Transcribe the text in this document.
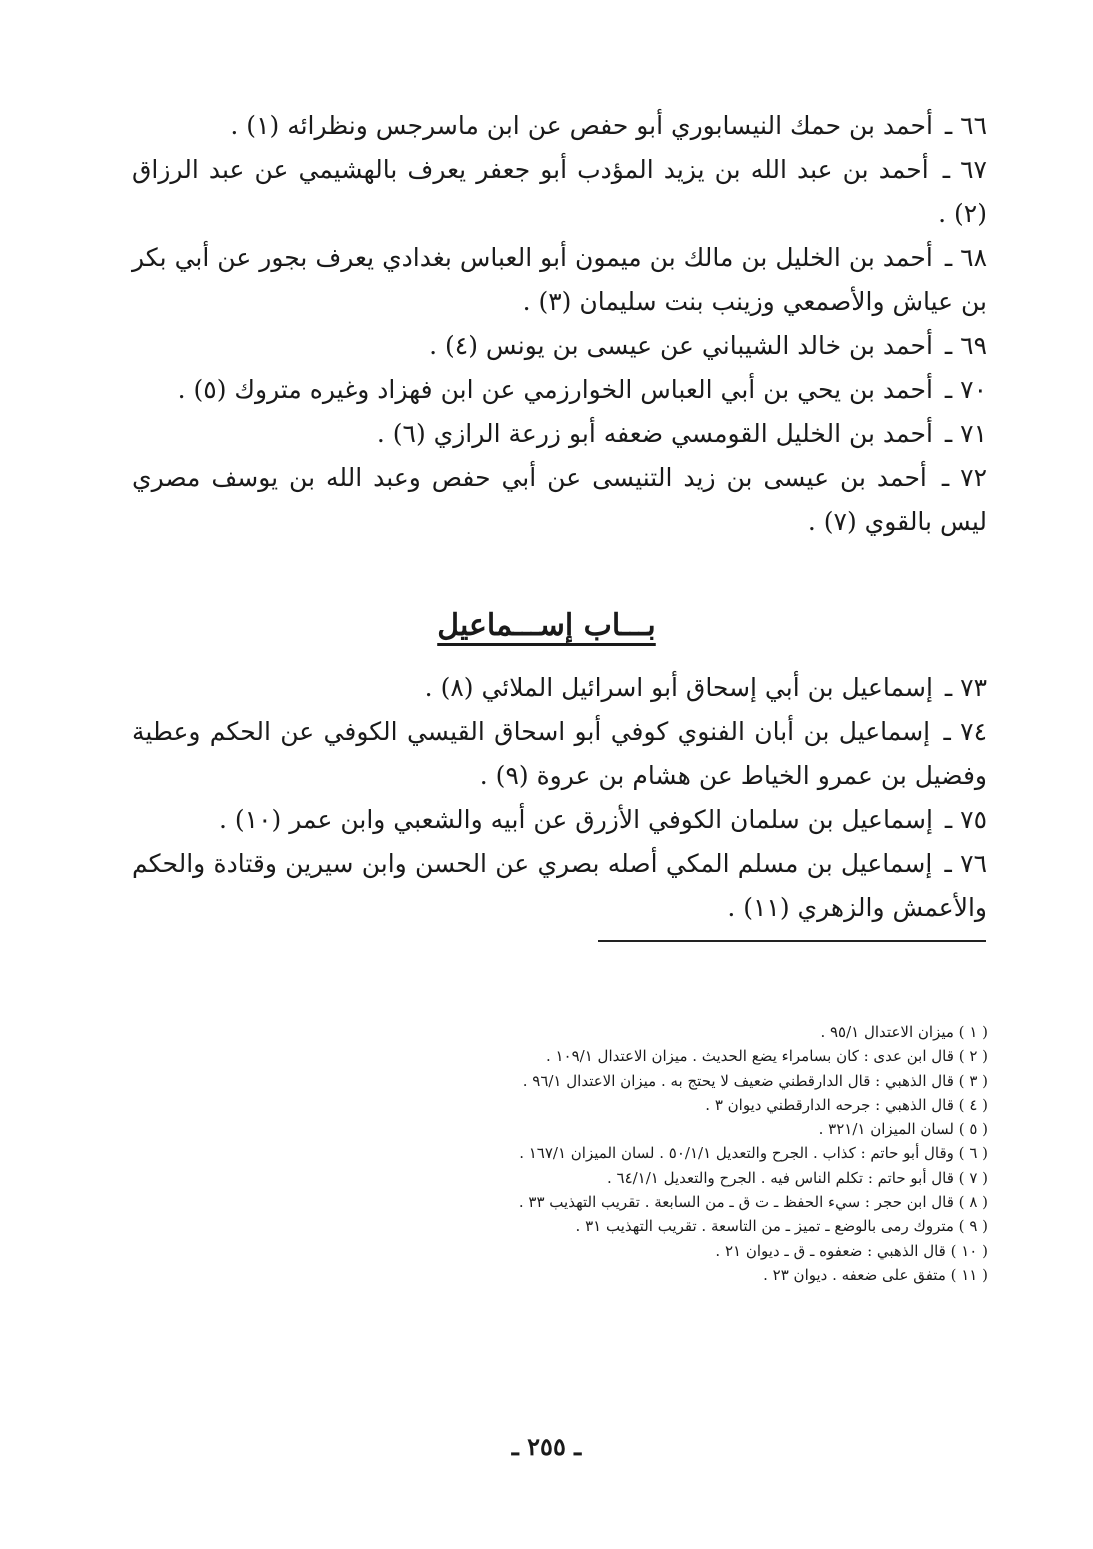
٦٦ ـ أحمد بن حمك النيسابوري أبو حفص عن ابن ماسرجس ونظرائه (١) .

٦٧ ـ أحمد بن عبد الله بن يزيد المؤدب أبو جعفر يعرف بالهشيمي عن عبد الرزاق (٢) .

٦٨ ـ أحمد بن الخليل بن مالك بن ميمون أبو العباس بغدادي يعرف بجور عن أبي بكر بن عياش والأصمعي وزينب بنت سليمان (٣) .

٦٩ ـ أحمد بن خالد الشيباني عن عيسى بن يونس (٤) .

٧٠ ـ أحمد بن يحي بن أبي العباس الخوارزمي عن ابن فهزاد وغيره متروك (٥) .

٧١ ـ أحمد بن الخليل القومسي ضعفه أبو زرعة الرازي (٦) .

٧٢ ـ أحمد بن عيسى بن زيد التنيسى عن أبي حفص وعبد الله بن يوسف مصري ليس بالقوي (٧) .

بـــاب إســـماعيل

٧٣ ـ إسماعيل بن أبي إسحاق أبو اسرائيل الملائي (٨) .

٧٤ ـ إسماعيل بن أبان الفنوي كوفي أبو اسحاق القيسي الكوفي عن الحكم وعطية وفضيل بن عمرو الخياط عن هشام بن عروة (٩) .

٧٥ ـ إسماعيل بن سلمان الكوفي الأزرق عن أبيه والشعبي وابن عمر (١٠) .

٧٦ ـ إسماعيل بن مسلم المكي أصله بصري عن الحسن وابن سيرين وقتادة والحكم والأعمش والزهري (١١) .

( ١ ) ميزان الاعتدال ٩٥/١ .

( ٢ ) قال ابن عدى : كان بسامراء يضع الحديث . ميزان الاعتدال ١٠٩/١ .

( ٣ ) قال الذهبي : قال الدارقطني ضعيف لا يحتج به . ميزان الاعتدال ٩٦/١ .

( ٤ ) قال الذهبي : جرحه الدارقطني ديوان ٣ .

( ٥ ) لسان الميزان ٣٢١/١ .

( ٦ ) وقال أبو حاتم : كذاب . الجرح والتعديل ٥٠/١/١ . لسان الميزان ١٦٧/١ .

( ٧ ) قال أبو حاتم : تكلم الناس فيه . الجرح والتعديل ٦٤/١/١ .

( ٨ ) قال ابن حجر : سيء الحفظ ـ ت ق ـ من السابعة . تقريب التهذيب ٣٣ .

( ٩ ) متروك رمى بالوضع ـ تميز ـ من التاسعة . تقريب التهذيب ٣١ .

( ١٠ ) قال الذهبي : ضعفوه ـ ق ـ ديوان ٢١ .

( ١١ ) متفق على ضعفه . ديوان ٢٣ .

ـ ٢٥٥ ـ
